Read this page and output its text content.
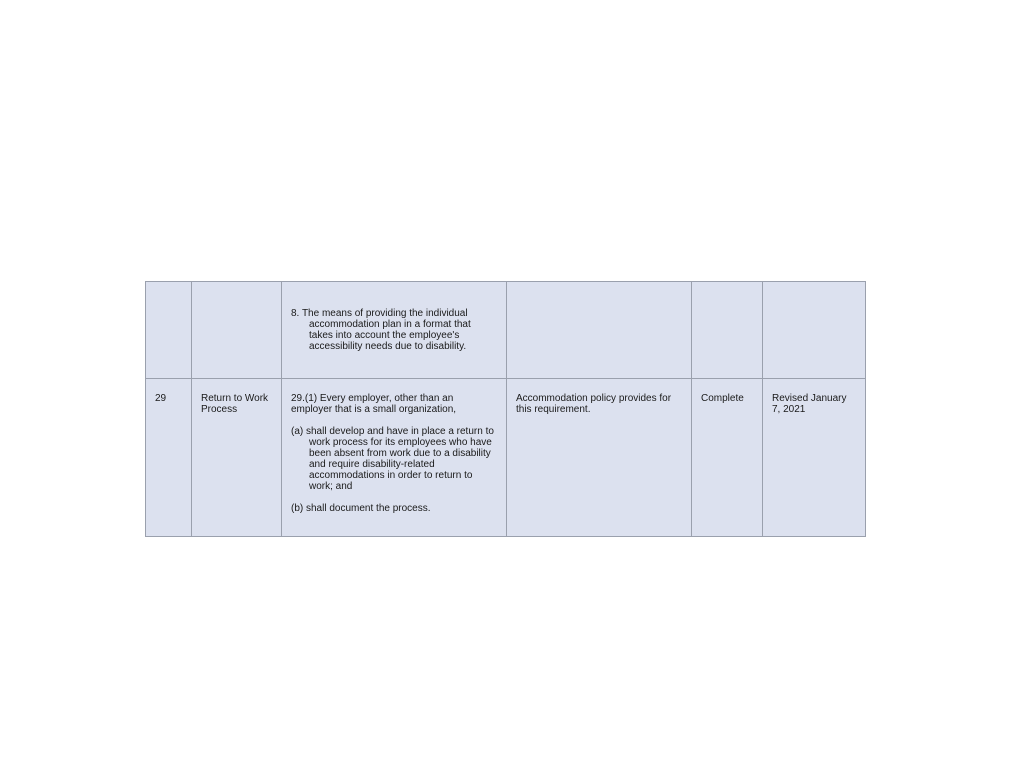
		8. The means of providing the individual accommodation plan in a format that takes into account the employee's accessibility needs due to disability.			

29	Return to Work Process	29.(1) Every employer, other than an employer that is a small organization,

(a) shall develop and have in place a return to work process for its employees who have been absent from work due to a disability and require disability-related accommodations in order to return to work; and

(b) shall document the process.	Accommodation policy provides for this requirement.	Complete	Revised January 7, 2021
